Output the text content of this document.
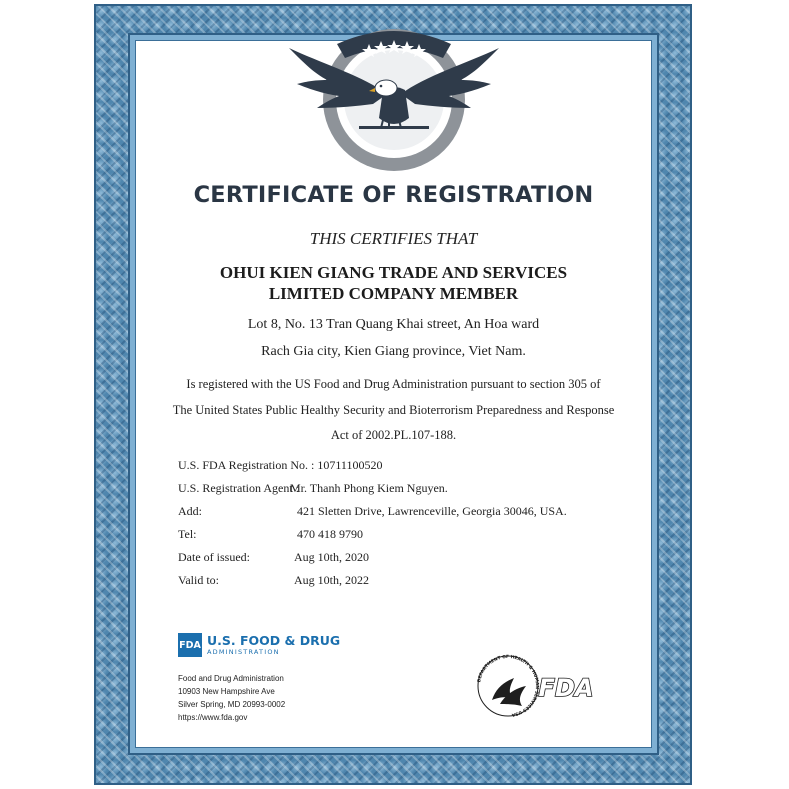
CERTIFICATE OF REGISTRATION
THIS CERTIFIES THAT
OHUI KIEN GIANG TRADE AND SERVICES
LIMITED COMPANY MEMBER
Lot 8, No. 13 Tran Quang Khai street, An Hoa ward
Rach Gia city, Kien Giang province, Viet Nam.
Is registered with the US Food and Drug Administration pursuant to section 305 of
The United States Public Healthy Security and Bioterrorism Preparedness and Response
Act of 2002.PL.107-188.
U.S. FDA Registration No. : 10711100520
U.S. Registration Agent :
Mr. Thanh Phong Kiem Nguyen.
Add:	421 Sletten Drive, Lawrenceville, Georgia 30046, USA.
Tel:	470 418 9790
Date of issued:	Aug 10th, 2020
Valid to:	Aug 10th, 2022
FDA U.S. FOOD & DRUG
ADMINISTRATION
Food and Drug Administration
10903 New Hampshire Ave
Silver Spring, MD 20993-0002
https://www.fda.gov
DEPARTMENT OF HEALTH & HUMAN SERVICES USA
FDA
